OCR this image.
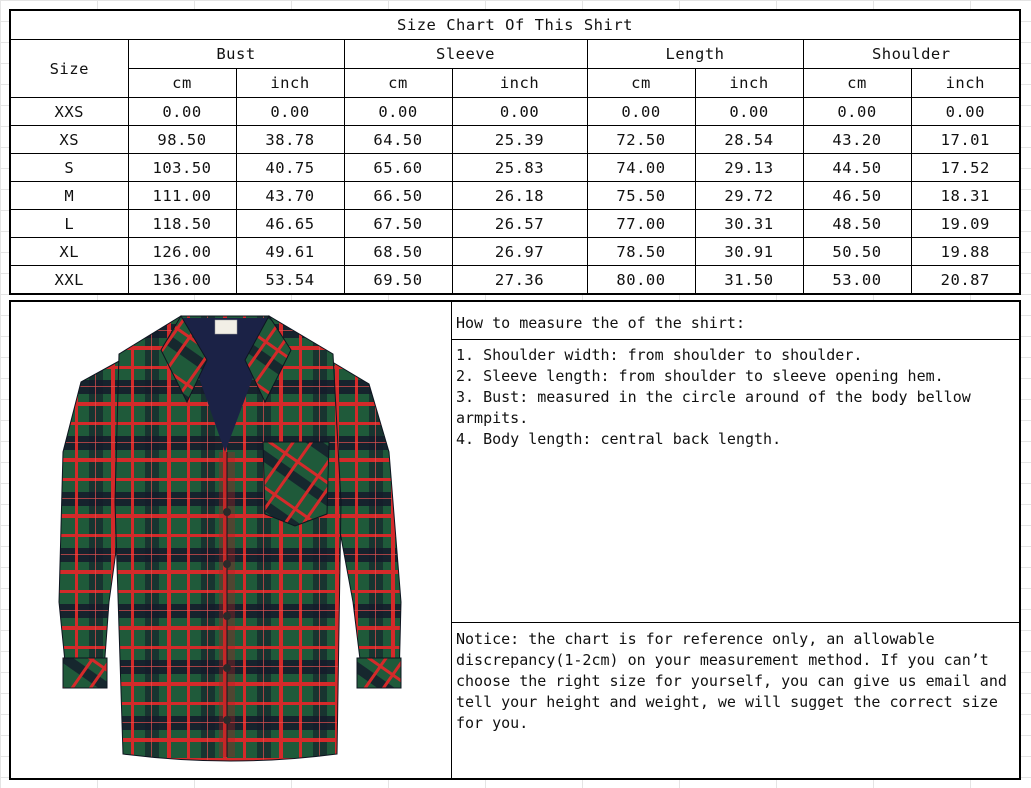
Size Chart Of This Shirt								
Size	Bust		Sleeve		Length		Shoulder	
	cm	inch	cm	inch	cm	inch	cm	inch
XXS	0.00	0.00	0.00	0.00	0.00	0.00	0.00	0.00
XS	98.50	38.78	64.50	25.39	72.50	28.54	43.20	17.01
S	103.50	40.75	65.60	25.83	74.00	29.13	44.50	17.52
M	111.00	43.70	66.50	26.18	75.50	29.72	46.50	18.31
L	118.50	46.65	67.50	26.57	77.00	30.31	48.50	19.09
XL	126.00	49.61	68.50	26.97	78.50	30.91	50.50	19.88
XXL	136.00	53.54	69.50	27.36	80.00	31.50	53.00	20.87
How to measure the of the shirt:
1. Shoulder width: from shoulder to shoulder.
2. Sleeve length: from shoulder to sleeve opening hem.
3. Bust: measured in the circle around of the body bellow armpits.
4. Body length: central back length.
Notice: the chart is for reference only, an allowable discrepancy(1-2cm) on your measurement method. If you can’t choose the right size for yourself, you can give us email and tell your height and weight, we will sugget the correct size for you.
